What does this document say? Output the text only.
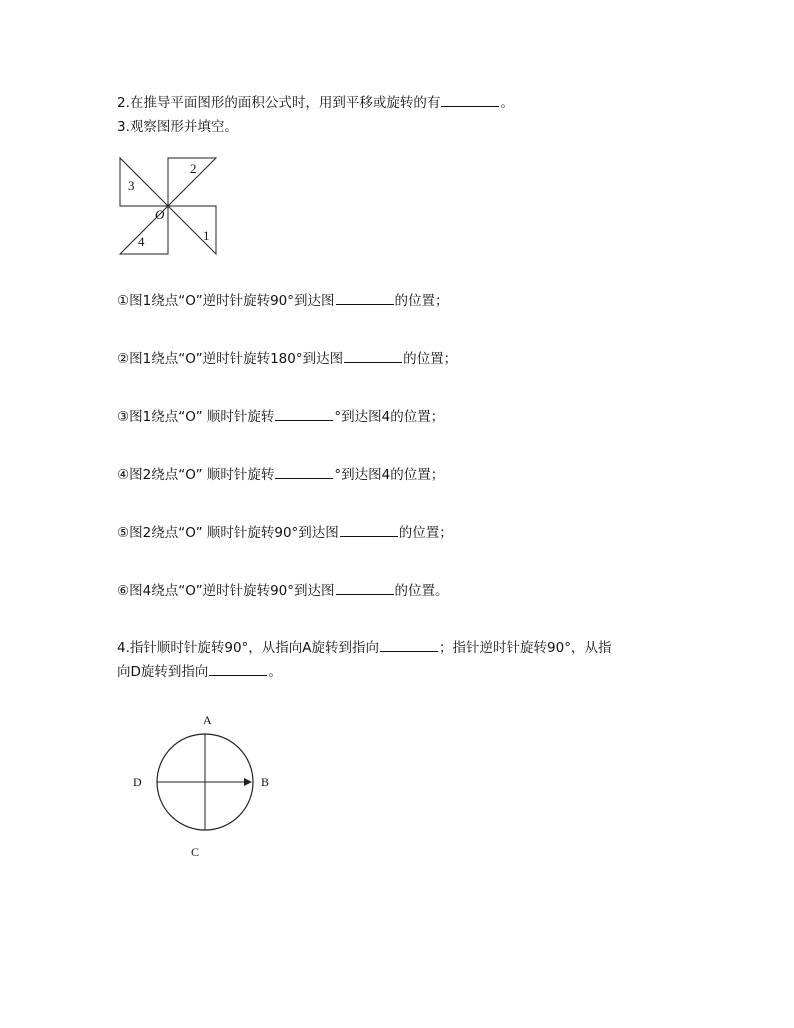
2.在推导平面图形的面积公式时，用到平移或旋转的有	。
3.观察图形并填空。
2
3
4	1
O
①图1绕点“O”逆时针旋转90°到达图	的位置；
②图1绕点“O”逆时针旋转180°到达图	的位置；
③图1绕点“O” 顺时针旋转	°到达图4的位置；
④图2绕点“O” 顺时针旋转	°到达图4的位置；
⑤图2绕点“O” 顺时针旋转90°到达图	的位置；
⑥图4绕点“O”逆时针旋转90°到达图	的位置。
4.指针顺时针旋转90°，从指向A旋转到指向	；指针逆时针旋转90°，从指
向D旋转到指向	。
A
B
C
D
